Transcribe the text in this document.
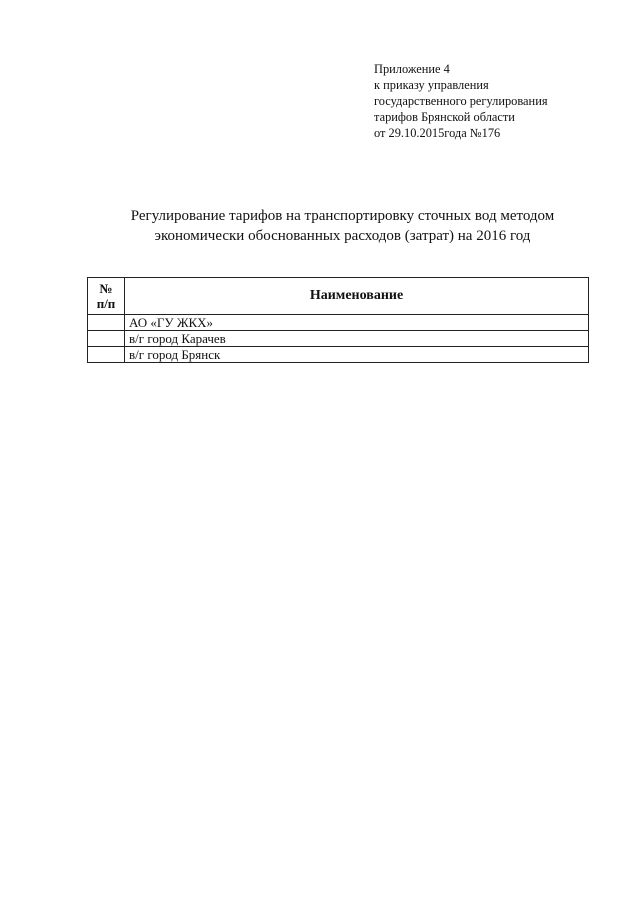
Приложение 4
к приказу управления
государственного регулирования
тарифов Брянской области
от 29.10.2015года №176
Регулирование тарифов на транспортировку сточных вод методом
экономически обоснованных расходов (затрат) на 2016 год
№
п/п	Наименование
	АО «ГУ ЖКХ»
	в/г город Карачев
	в/г город Брянск
